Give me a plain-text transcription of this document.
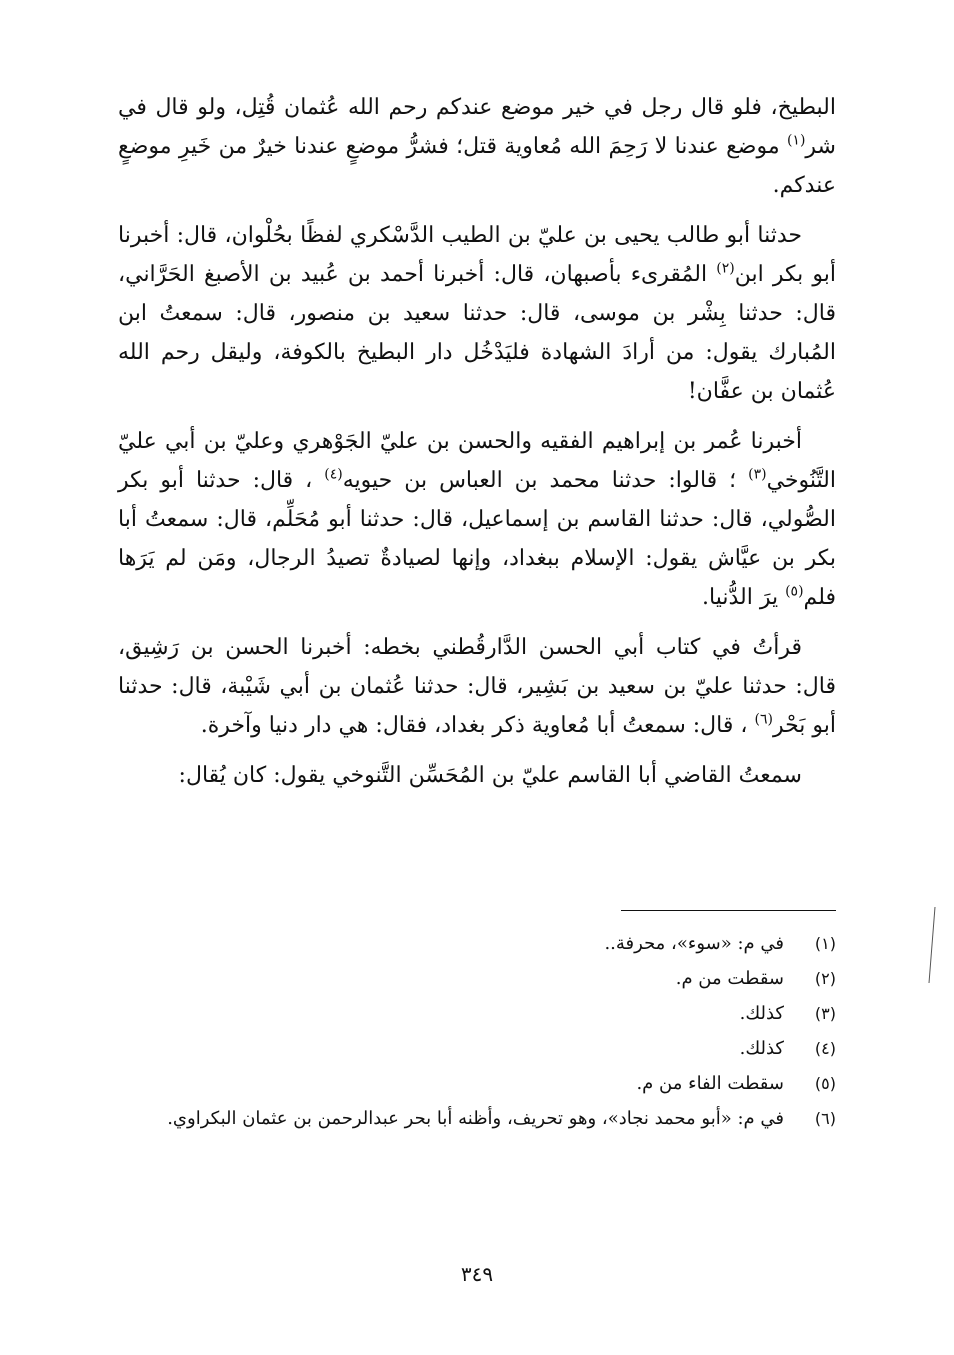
البطيخ، فلو قال رجل في خير موضع عندكم رحم الله عُثمان قُتِل، ولو قال في شر$^{(١)}$ موضع عندنا لا رَحِمَ الله مُعاوية قتل؛ فشرُّ موضعٍ عندنا خيرٌ من خَيرِ موضعٍ عندكم.

حدثنا أبو طالب يحيى بن عليّ بن الطيب الدَّسْكري لفظًا بحُلْوان، قال: أخبرنا أبو بكر ابن$^{(٢)}$ المُقرىء بأصبهان، قال: أخبرنا أحمد بن عُبيد بن الأصبغ الحَرَّاني، قال: حدثنا بِشْر بن موسى، قال: حدثنا سعيد بن منصور، قال: سمعتُ ابن المُبارك يقول: من أرادَ الشهادة فليَدْخُل دار البطيخ بالكوفة، وليقل رحم الله عُثمان بن عفَّان!

أخبرنا عُمر بن إبراهيم الفقيه والحسن بن عليّ الجَوْهري وعليّ بن أبي عليّ التَّنُوخي$^{(٣)}$ ؛ قالوا: حدثنا محمد بن العباس بن حيويه$^{(٤)}$ ، قال: حدثنا أبو بكر الصُّولي، قال: حدثنا القاسم بن إسماعيل، قال: حدثنا أبو مُحَلِّم، قال: سمعتُ أبا بكر بن عيَّاش يقول: الإسلام ببغداد، وإنها لصيادةٌ تصيدُ الرجال، ومَن لم يَرَها فلم$^{(٥)}$ يرَ الدُّنيا.

قرأتُ في كتاب أبي الحسن الدَّارقُطني بخطه: أخبرنا الحسن بن رَشِيق، قال: حدثنا عليّ بن سعيد بن بَشِير، قال: حدثنا عُثمان بن أبي شَيْبة، قال: حدثنا أبو بَحْر$^{(٦)}$ ، قال: سمعتُ أبا مُعاوية ذكر بغداد، فقال: هي دار دنيا وآخرة.

سمعتُ القاضي أبا القاسم عليّ بن المُحَسِّن التَّنوخي يقول: كان يُقال:

(١)
في م: «سوء»، محرفة..
(٢)
سقطت من م.
(٣)
كذلك.
(٤)
كذلك.
(٥)
سقطت الفاء من م.
(٦)
في م: «أبو محمد نجاد»، وهو تحريف، وأظنه أبا بحر عبدالرحمن بن عثمان البكراوي.
٣٤٩
